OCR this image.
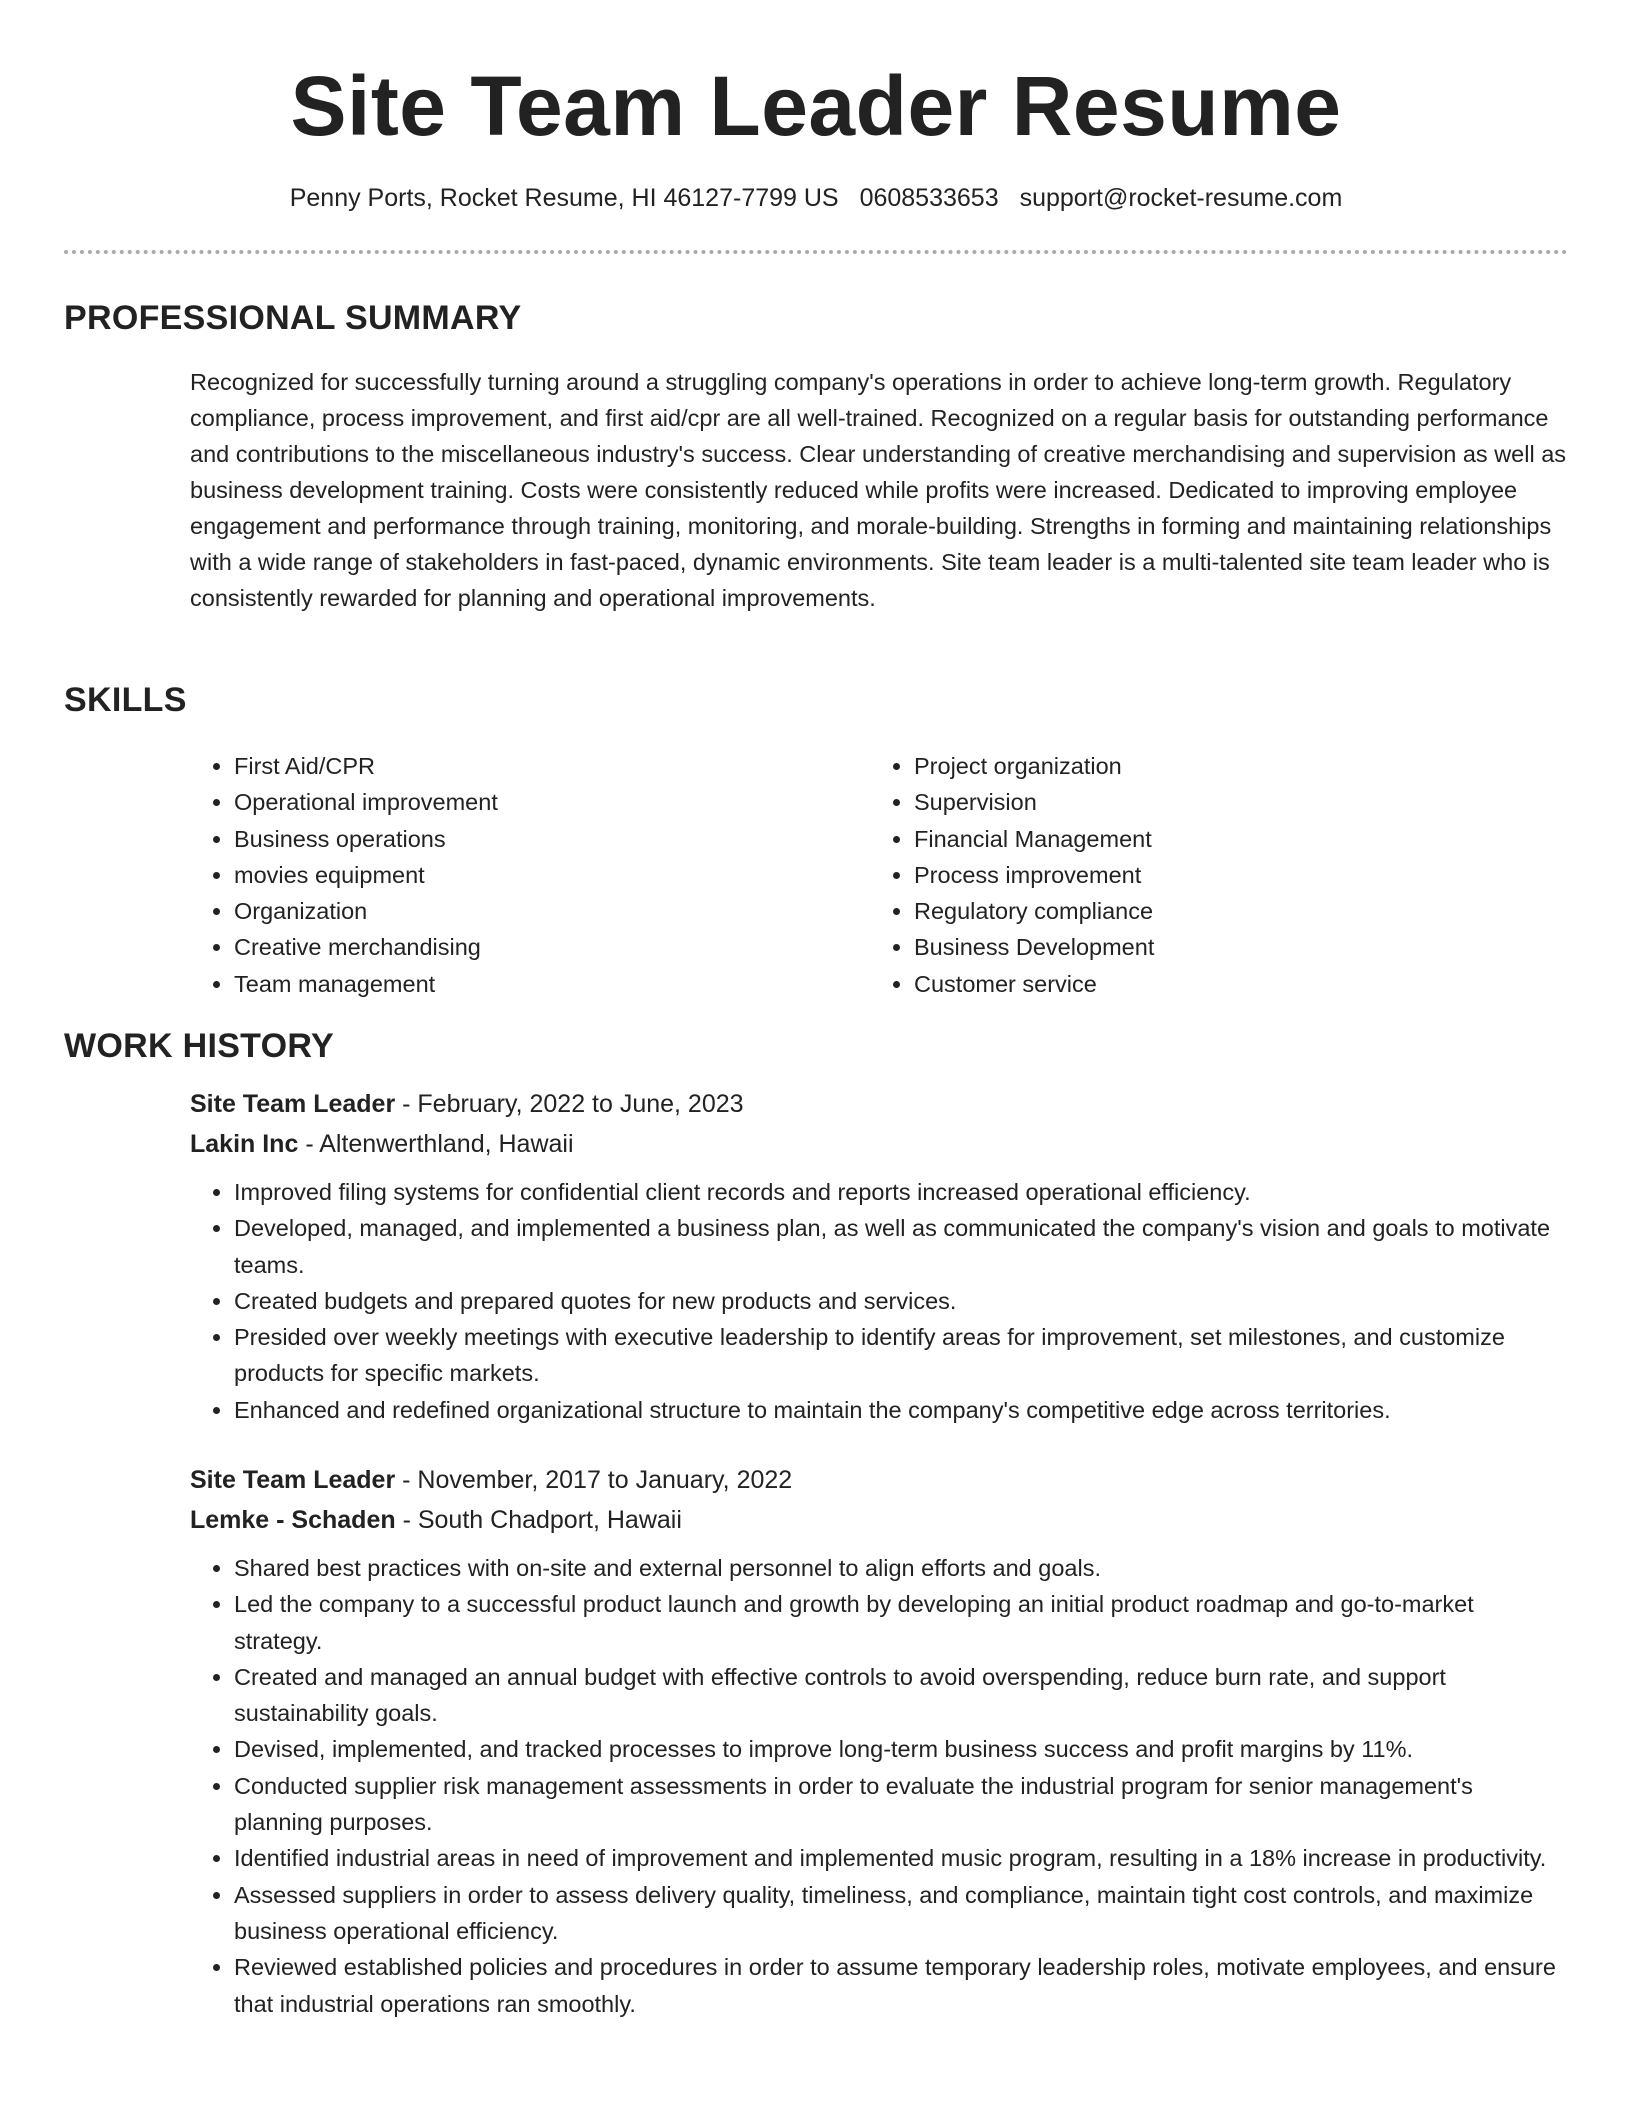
Site Team Leader Resume
Penny Ports, Rocket Resume, HI 46127-7799 US 0608533653 support@rocket-resume.com
PROFESSIONAL SUMMARY

Recognized for successfully turning around a struggling company's operations in order to achieve long-term growth. Regulatory compliance, process improvement, and first aid/cpr are all well-trained. Recognized on a regular basis for outstanding performance and contributions to the miscellaneous industry's success. Clear understanding of creative merchandising and supervision as well as business development training. Costs were consistently reduced while profits were increased. Dedicated to improving employee engagement and performance through training, monitoring, and morale-building. Strengths in forming and maintaining relationships with a wide range of stakeholders in fast-paced, dynamic environments. Site team leader is a multi-talented site team leader who is consistently rewarded for planning and operational improvements.

SKILLS
• First Aid/CPR
• Operational improvement
• Business operations
• movies equipment
• Organization
• Creative merchandising
• Team management
• Project organization
• Supervision
• Financial Management
• Process improvement
• Regulatory compliance
• Business Development
• Customer service
WORK HISTORY
Site Team Leader - February, 2022 to June, 2023
Lakin Inc - Altenwerthland, Hawaii
• Improved filing systems for confidential client records and reports increased operational efficiency.
• Developed, managed, and implemented a business plan, as well as communicated the company's vision and goals to motivate teams.
• Created budgets and prepared quotes for new products and services.
• Presided over weekly meetings with executive leadership to identify areas for improvement, set milestones, and customize products for specific markets.
• Enhanced and redefined organizational structure to maintain the company's competitive edge across territories.
Site Team Leader - November, 2017 to January, 2022
Lemke - Schaden - South Chadport, Hawaii
• Shared best practices with on-site and external personnel to align efforts and goals.
• Led the company to a successful product launch and growth by developing an initial product roadmap and go-to-market strategy.
• Created and managed an annual budget with effective controls to avoid overspending, reduce burn rate, and support sustainability goals.
• Devised, implemented, and tracked processes to improve long-term business success and profit margins by 11%.
• Conducted supplier risk management assessments in order to evaluate the industrial program for senior management's planning purposes.
• Identified industrial areas in need of improvement and implemented music program, resulting in a 18% increase in productivity.
• Assessed suppliers in order to assess delivery quality, timeliness, and compliance, maintain tight cost controls, and maximize business operational efficiency.
• Reviewed established policies and procedures in order to assume temporary leadership roles, motivate employees, and ensure that industrial operations ran smoothly.
